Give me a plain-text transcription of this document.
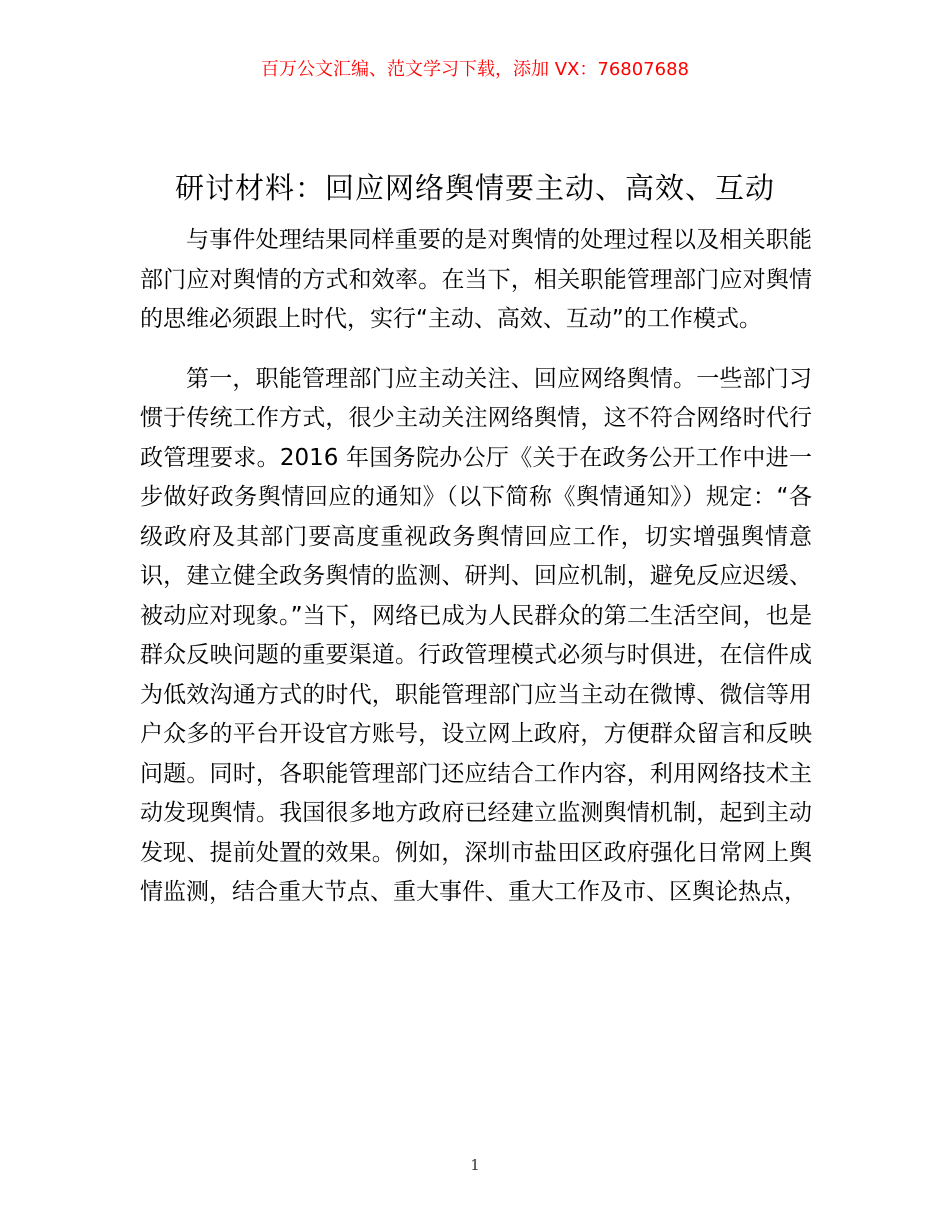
百万公文汇编、范文学习下载，添加 VX：76807688
研讨材料：回应网络舆情要主动、高效、互动

与事件处理结果同样重要的是对舆情的处理过程以及相关职能部门应对舆情的方式和效率。在当下，相关职能管理部门应对舆情的思维必须跟上时代，实行“主动、高效、互动”的工作模式。

第一，职能管理部门应主动关注、回应网络舆情。一些部门习惯于传统工作方式，很少主动关注网络舆情，这不符合网络时代行政管理要求。2016 年国务院办公厅《关于在政务公开工作中进一步做好政务舆情回应的通知》（以下简称《舆情通知》）规定：“各级政府及其部门要高度重视政务舆情回应工作，切实增强舆情意识，建立健全政务舆情的监测、研判、回应机制，避免反应迟缓、被动应对现象。”当下，网络已成为人民群众的第二生活空间，也是群众反映问题的重要渠道。行政管理模式必须与时俱进，在信件成为低效沟通方式的时代，职能管理部门应当主动在微博、微信等用户众多的平台开设官方账号，设立网上政府，方便群众留言和反映问题。同时，各职能管理部门还应结合工作内容，利用网络技术主动发现舆情。我国很多地方政府已经建立监测舆情机制，起到主动发现、提前处置的效果。例如，深圳市盐田区政府强化日常网上舆情监测，结合重大节点、重大事件、重大工作及市、区舆论热点，

1
